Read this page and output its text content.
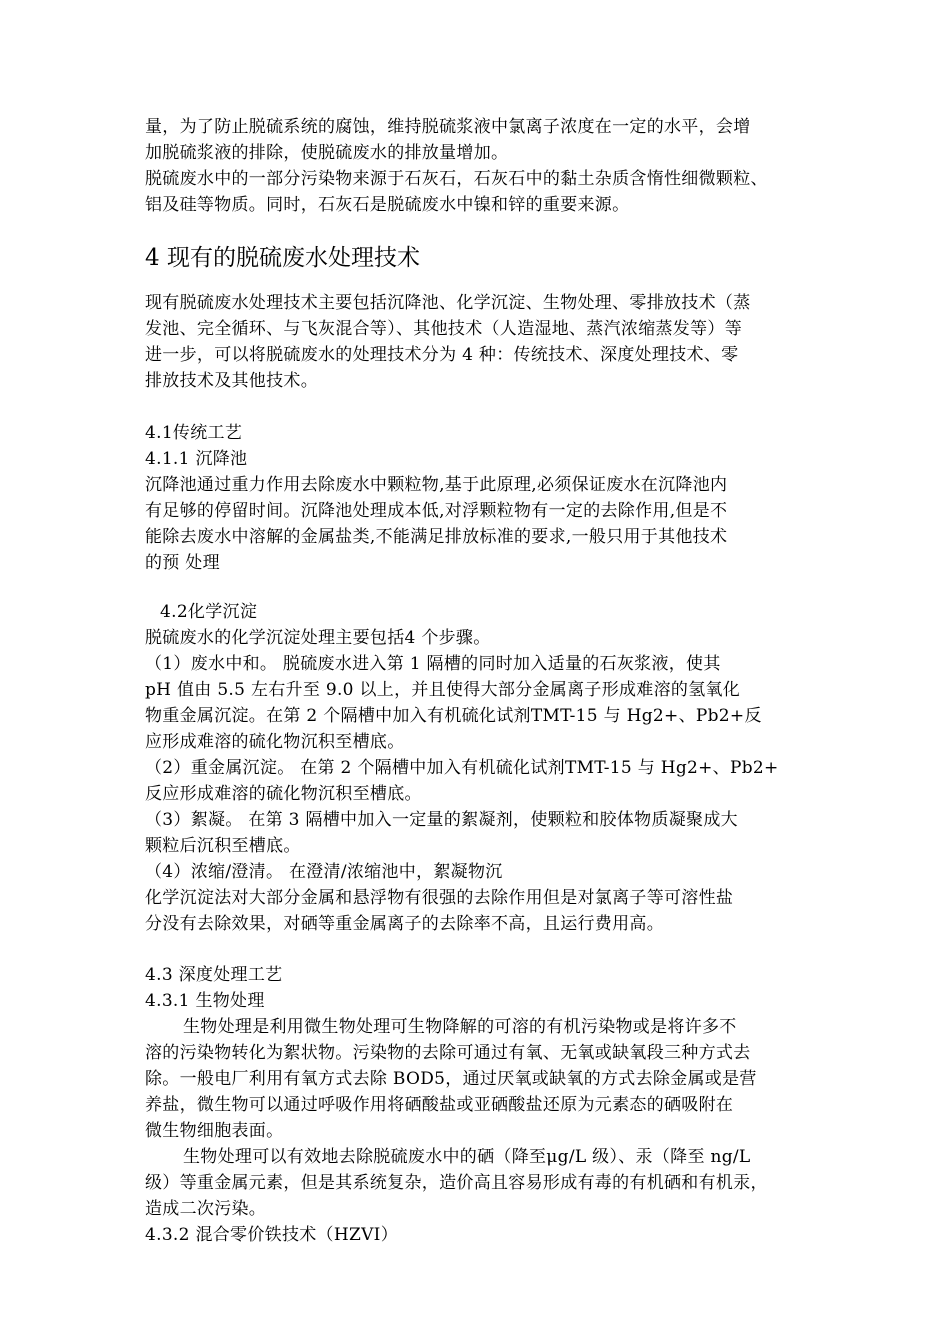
量，为了防止脱硫系统的腐蚀，维持脱硫浆液中氯离子浓度在一定的水平，会增

加脱硫浆液的排除，使脱硫废水的排放量增加。

脱硫废水中的一部分污染物来源于石灰石，石灰石中的黏土杂质含惰性细微颗粒、

铝及硅等物质。同时，石灰石是脱硫废水中镍和锌的重要来源。

4 现有的脱硫废水处理技术

现有脱硫废水处理技术主要包括沉降池、化学沉淀、生物处理、零排放技术（蒸

发池、完全循环、与飞灰混合等）、其他技术（人造湿地、蒸汽浓缩蒸发等）等

进一步，可以将脱硫废水的处理技术分为 4 种：传统技术、深度处理技术、零

排放技术及其他技术。

4.1传统工艺

4.1.1 沉降池

沉降池通过重力作用去除废水中颗粒物,基于此原理,必须保证废水在沉降池内

有足够的停留时间。沉降池处理成本低,对浮颗粒物有一定的去除作用,但是不

能除去废水中溶解的金属盐类,不能满足排放标准的要求,一般只用于其他技术

的预 处理

4.2化学沉淀

脱硫废水的化学沉淀处理主要包括4 个步骤。

（1）废水中和。 脱硫废水进入第 1 隔槽的同时加入适量的石灰浆液，使其

pH 值由 5.5 左右升至 9.0 以上，并且使得大部分金属离子形成难溶的氢氧化

物重金属沉淀。在第 2 个隔槽中加入有机硫化试剂TMT-15 与 Hg2+、Pb2+反

应形成难溶的硫化物沉积至槽底。

（2）重金属沉淀。 在第 2 个隔槽中加入有机硫化试剂TMT-15 与 Hg2+、Pb2+

反应形成难溶的硫化物沉积至槽底。

（3）絮凝。 在第 3 隔槽中加入一定量的絮凝剂，使颗粒和胶体物质凝聚成大

颗粒后沉积至槽底。

（4）浓缩/澄清。 在澄清/浓缩池中，絮凝物沉

化学沉淀法对大部分金属和悬浮物有很强的去除作用但是对氯离子等可溶性盐

分没有去除效果，对硒等重金属离子的去除率不高，且运行费用高。

4.3 深度处理工艺

4.3.1 生物处理

生物处理是利用微生物处理可生物降解的可溶的有机污染物或是将许多不

溶的污染物转化为絮状物。污染物的去除可通过有氧、无氧或缺氧段三种方式去

除。一般电厂利用有氧方式去除 BOD5，通过厌氧或缺氧的方式去除金属或是营

养盐，微生物可以通过呼吸作用将硒酸盐或亚硒酸盐还原为元素态的硒吸附在

微生物细胞表面。

生物处理可以有效地去除脱硫废水中的硒（降至μg/L 级）、汞（降至 ng/L

级）等重金属元素，但是其系统复杂，造价高且容易形成有毒的有机硒和有机汞，

造成二次污染。

4.3.2 混合零价铁技术（HZVI）
